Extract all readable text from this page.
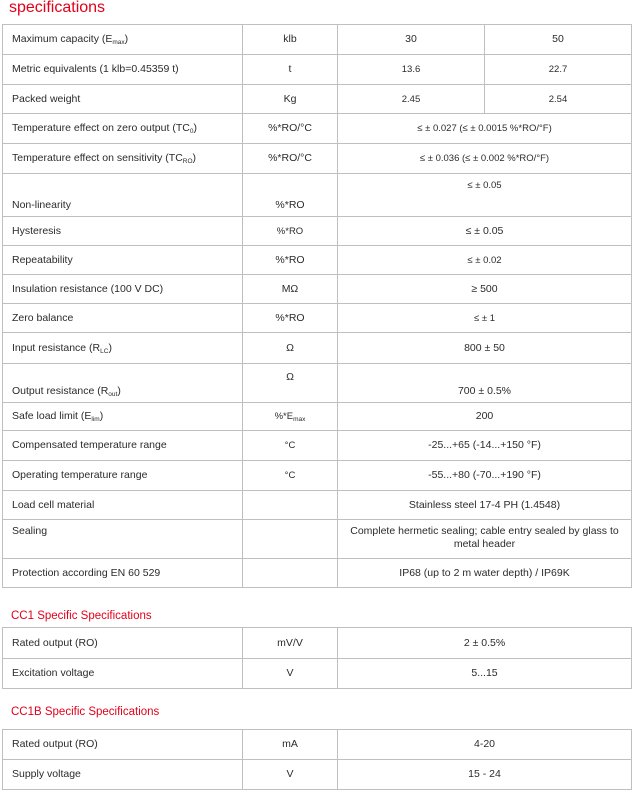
specifications
Maximum capacity $(E_{max})$	klb	30	50
Metric equivalents (1 klb=0.45359 t)	t	13.6	22.7
Packed weight	Kg	2.45	2.54
Temperature effect on zero output $(TC_0)$	%*RO/°C	≤ ± 0.027 (≤ ± 0.0015 %*RO/°F)	
Temperature effect on sensitivity $(TC_{RO})$	%*RO/°C	≤ ± 0.036 (≤ ± 0.002 %*RO/°F)	
Non-linearity	%*RO	≤ ± 0.05	
Hysteresis	%*RO	≤ ± 0.05	
Repeatability	%*RO	≤ ± 0.02	
Insulation resistance (100 V DC)	MΩ	≥ 500	
Zero balance	%*RO	≤ ± 1	
Input resistance $(R_{LC})$	Ω	800 ± 50	
Output resistance $(R_{out})$	Ω	700 ± 0.5%	
Safe load limit $(E_{lim})$	$\%*E_{max}$	200	
Compensated temperature range	°C	-25...+65 (-14...+150 °F)	
Operating temperature range	°C	-55...+80 (-70...+190 °F)	
Load cell material		Stainless steel 17-4 PH (1.4548)	
Sealing		Complete hermetic sealing; cable entry sealed by glass to metal header	
Protection according EN 60 529		IP68 (up to 2 m water depth) / IP69K	
CC1 Specific Specifications
Rated output (RO)	mV/V	2 ± 0.5%
Excitation voltage	V	5...15
CC1B Specific Specifications
Rated output (RO)	mA	4-20
Supply voltage	V	15 - 24
